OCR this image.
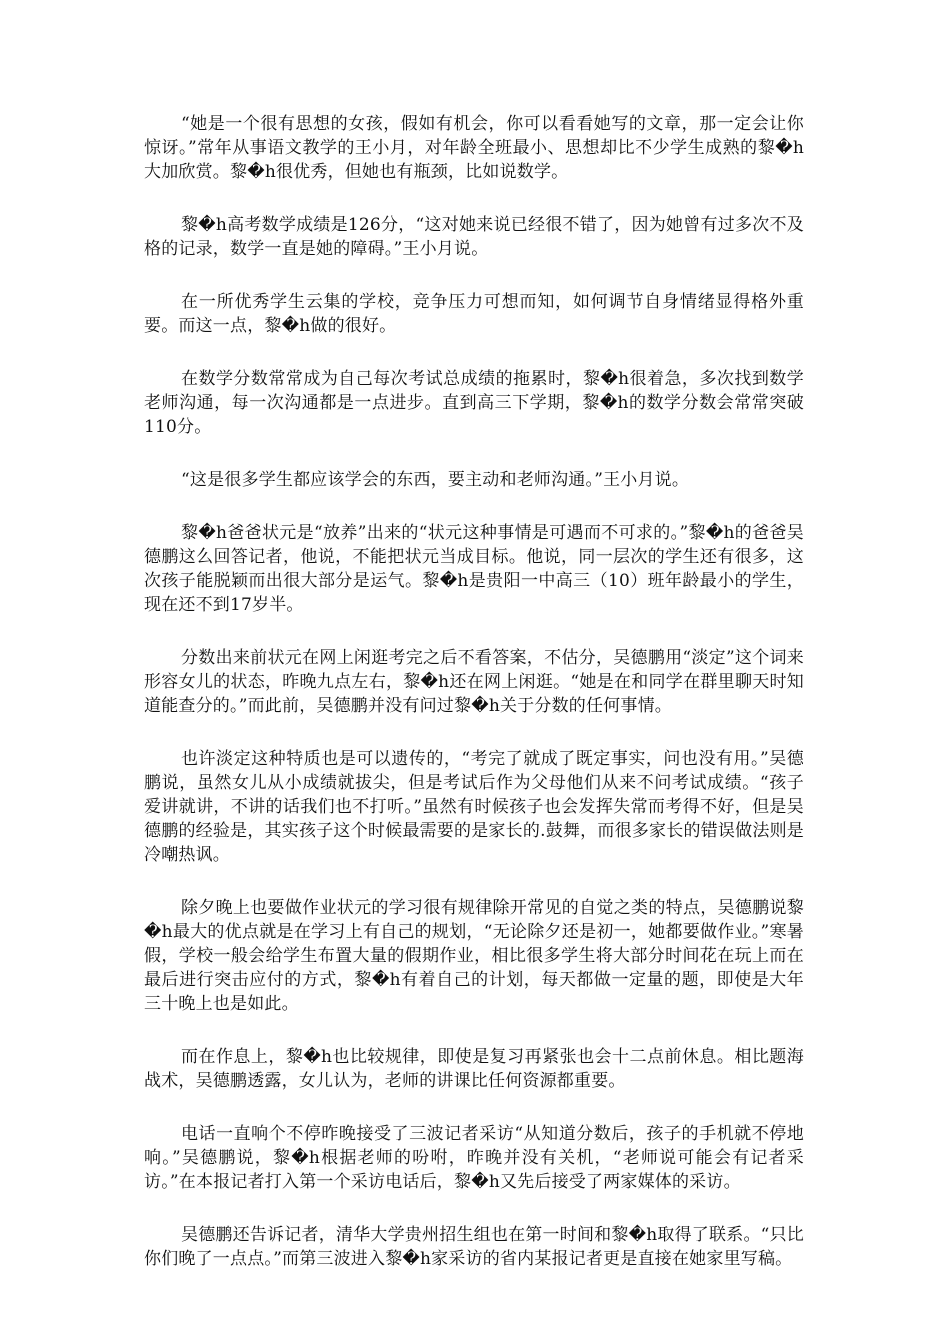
“她是一个很有思想的女孩，假如有机会，你可以看看她写的文章，那一定会让你惊讶。”常年从事语文教学的王小月，对年龄全班最小、思想却比不少学生成熟的黎�h大加欣赏。黎�h很优秀，但她也有瓶颈，比如说数学。

黎�h高考数学成绩是126分，“这对她来说已经很不错了，因为她曾有过多次不及格的记录，数学一直是她的障碍。”王小月说。

在一所优秀学生云集的学校，竞争压力可想而知，如何调节自身情绪显得格外重要。而这一点，黎�h做的很好。

在数学分数常常成为自己每次考试总成绩的拖累时，黎�h很着急，多次找到数学老师沟通，每一次沟通都是一点进步。直到高三下学期，黎�h的数学分数会常常突破110分。

“这是很多学生都应该学会的东西，要主动和老师沟通。”王小月说。

黎�h爸爸状元是“放养”出来的“状元这种事情是可遇而不可求的。”黎�h的爸爸吴德鹏这么回答记者，他说，不能把状元当成目标。他说，同一层次的学生还有很多，这次孩子能脱颖而出很大部分是运气。黎�h是贵阳一中高三（10）班年龄最小的学生，现在还不到17岁半。

分数出来前状元在网上闲逛考完之后不看答案，不估分，吴德鹏用“淡定”这个词来形容女儿的状态，昨晚九点左右，黎�h还在网上闲逛。“她是在和同学在群里聊天时知道能查分的。”而此前，吴德鹏并没有问过黎�h关于分数的任何事情。

也许淡定这种特质也是可以遗传的，“考完了就成了既定事实，问也没有用。”吴德鹏说，虽然女儿从小成绩就拔尖，但是考试后作为父母他们从来不问考试成绩。“孩子爱讲就讲，不讲的话我们也不打听。”虽然有时候孩子也会发挥失常而考得不好，但是吴德鹏的经验是，其实孩子这个时候最需要的是家长的.鼓舞，而很多家长的错误做法则是冷嘲热讽。

除夕晚上也要做作业状元的学习很有规律除开常见的自觉之类的特点，吴德鹏说黎�h最大的优点就是在学习上有自己的规划，“无论除夕还是初一，她都要做作业。”寒暑假，学校一般会给学生布置大量的假期作业，相比很多学生将大部分时间花在玩上而在最后进行突击应付的方式，黎�h有着自己的计划，每天都做一定量的题，即使是大年三十晚上也是如此。

而在作息上，黎�h也比较规律，即使是复习再紧张也会十二点前休息。相比题海战术，吴德鹏透露，女儿认为，老师的讲课比任何资源都重要。

电话一直响个不停昨晚接受了三波记者采访“从知道分数后，孩子的手机就不停地响。”吴德鹏说，黎�h根据老师的吩咐，昨晚并没有关机，“老师说可能会有记者采访。”在本报记者打入第一个采访电话后，黎�h又先后接受了两家媒体的采访。

吴德鹏还告诉记者，清华大学贵州招生组也在第一时间和黎�h取得了联系。“只比你们晚了一点点。”而第三波进入黎�h家采访的省内某报记者更是直接在她家里写稿。
